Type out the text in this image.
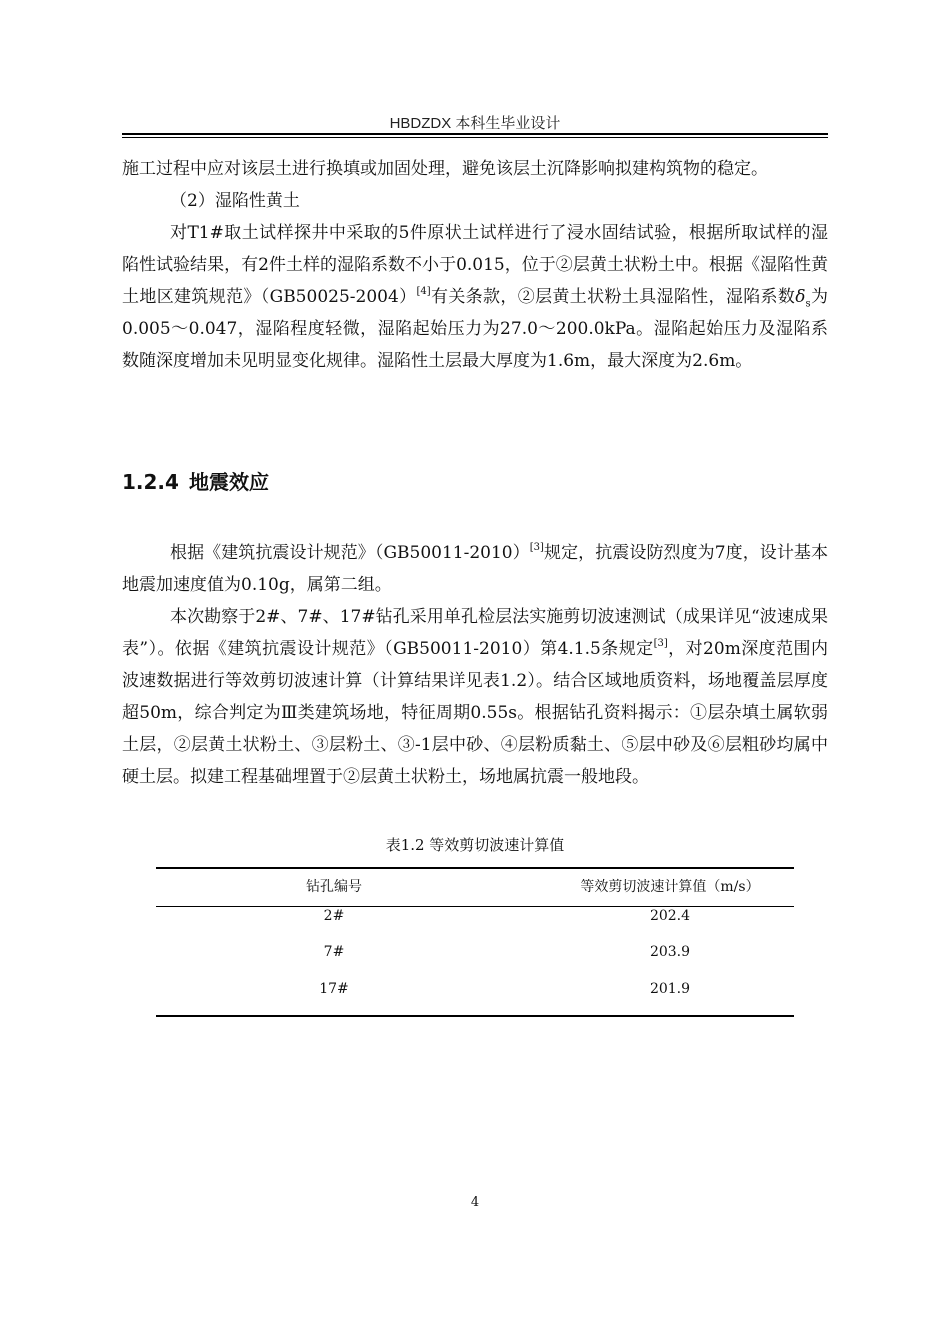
HBDZDX 本科生毕业设计

施工过程中应对该层土进行换填或加固处理，避免该层土沉降影响拟建构筑物的稳定。

（2）湿陷性黄土

对T1#取土试样探井中采取的5件原状土试样进行了浸水固结试验，根据所取试样的湿陷性试验结果，有2件土样的湿陷系数不小于0.015，位于②层黄土状粉土中。根据《湿陷性黄土地区建筑规范》（GB50025-2004）[4]有关条款，②层黄土状粉土具湿陷性，湿陷系数$\delta_s$为0.005～0.047，湿陷程度轻微，湿陷起始压力为27.0～200.0kPa。湿陷起始压力及湿陷系数随深度增加未见明显变化规律。湿陷性土层最大厚度为1.6m，最大深度为2.6m。

1.2.4 地震效应

根据《建筑抗震设计规范》（GB50011-2010）[3]规定，抗震设防烈度为7度，设计基本地震加速度值为0.10g，属第二组。

本次勘察于2#、7#、17#钻孔采用单孔检层法实施剪切波速测试（成果详见“波速成果表”）。依据《建筑抗震设计规范》（GB50011-2010）第4.1.5条规定[3]，对20m深度范围内波速数据进行等效剪切波速计算（计算结果详见表1.2）。结合区域地质资料，场地覆盖层厚度超50m，综合判定为Ⅲ类建筑场地，特征周期0.55s。根据钻孔资料揭示：①层杂填土属软弱土层，②层黄土状粉土、③层粉土、③-1层中砂、④层粉质黏土、⑤层中砂及⑥层粗砂均属中硬土层。拟建工程基础埋置于②层黄土状粉土，场地属抗震一般地段。

表1.2 等效剪切波速计算值
钻孔编号	等效剪切波速计算值（m/s）
2#	202.4
7#	203.9
17#	201.9
4
